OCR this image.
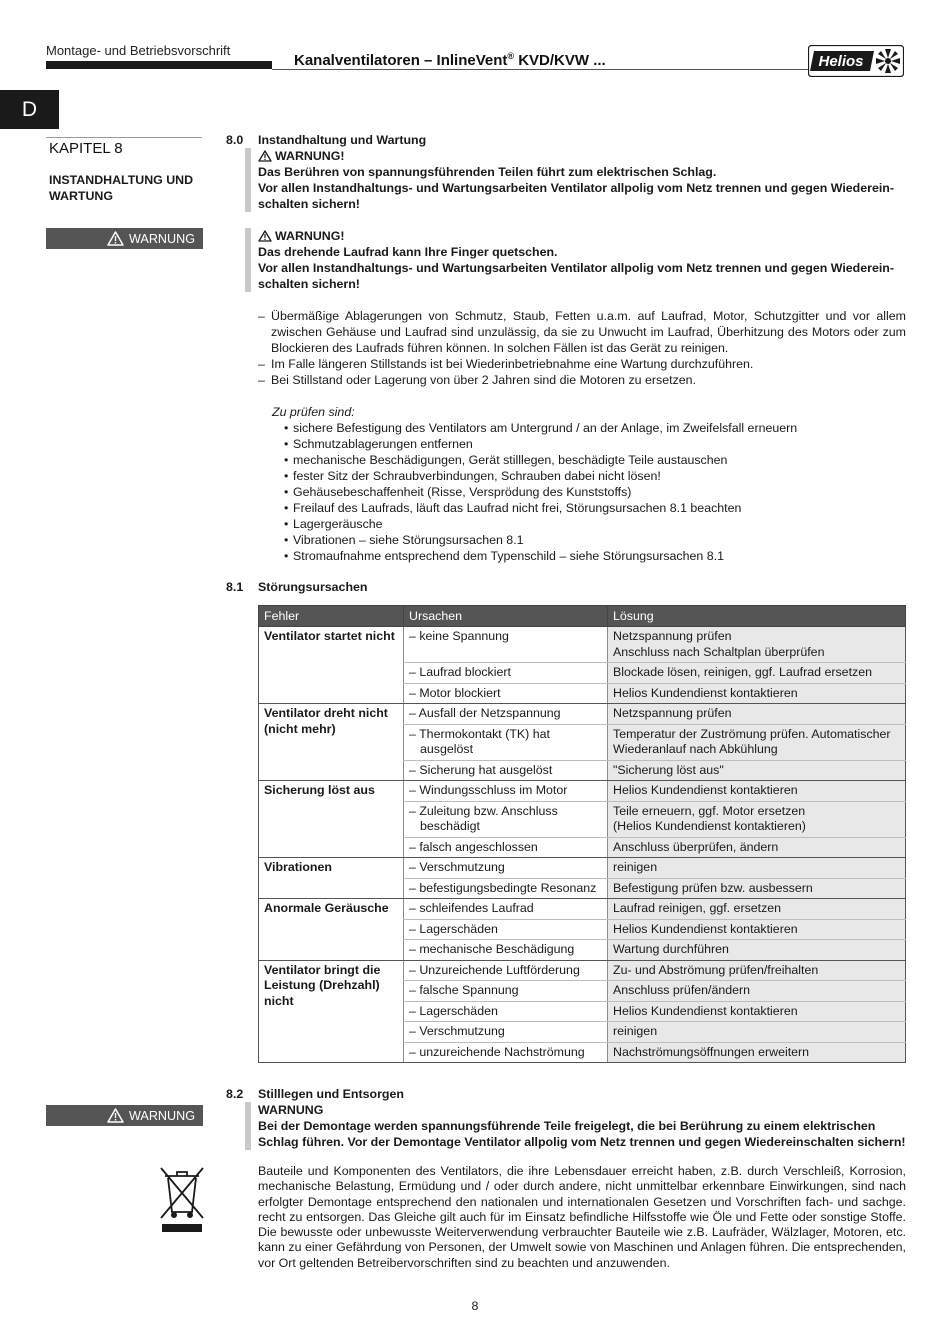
Montage- und Betriebsvorschrift
Kanalventilatoren – InlineVent® KVD/KVW ...	Helios
D
KAPITEL 8
INSTANDHALTUNG UND WARTUNG
WARNUNG
WARNUNG
8.0 Instandhaltung und Wartung
WARNUNG!
Das Berühren von spannungsführenden Teilen führt zum elektrischen Schlag.
Vor allen Instandhaltungs- und Wartungsarbeiten Ventilator allpolig vom Netz trennen und gegen Wiederein-schalten sichern!
WARNUNG!
Das drehende Laufrad kann Ihre Finger quetschen.
Vor allen Instandhaltungs- und Wartungsarbeiten Ventilator allpolig vom Netz trennen und gegen Wiederein-schalten sichern!
– Übermäßige Ablagerungen von Schmutz, Staub, Fetten u.a.m. auf Laufrad, Motor, Schutzgitter und vor allem zwischen Gehäuse und Laufrad sind unzulässig, da sie zu Unwucht im Laufrad, Überhitzung des Motors oder zum Blockieren des Laufrads führen können. In solchen Fällen ist das Gerät zu reinigen.
– Im Falle längeren Stillstands ist bei Wiederinbetriebnahme eine Wartung durchzuführen.
– Bei Stillstand oder Lagerung von über 2 Jahren sind die Motoren zu ersetzen.
Zu prüfen sind:
• sichere Befestigung des Ventilators am Untergrund / an der Anlage, im Zweifelsfall erneuern
• Schmutzablagerungen entfernen
• mechanische Beschädigungen, Gerät stilllegen, beschädigte Teile austauschen
• fester Sitz der Schraubverbindungen, Schrauben dabei nicht lösen!
• Gehäusebeschaffenheit (Risse, Versprödung des Kunststoffs)
• Freilauf des Laufrads, läuft das Laufrad nicht frei, Störungsursachen 8.1 beachten
• Lagergeräusche
• Vibrationen – siehe Störungsursachen 8.1
• Stromaufnahme entsprechend dem Typenschild – siehe Störungsursachen 8.1
8.1 Störungsursachen
Fehler	Ursachen	Lösung
Ventilator startet nicht	– keine Spannung	Netzspannung prüfen
Anschluss nach Schaltplan überprüfen

	– Laufrad blockiert	Blockade lösen, reinigen, ggf. Laufrad ersetzen

	– Motor blockiert	Helios Kundendienst kontaktieren
Ventilator dreht nicht (nicht mehr)	– Ausfall der Netzspannung	Netzspannung prüfen

	– Thermokontakt (TK) hat ausgelöst	Temperatur der Zuströmung prüfen. Automatischer Wiederanlauf nach Abkühlung

	– Sicherung hat ausgelöst	"Sicherung löst aus"
Sicherung löst aus	– Windungsschluss im Motor	Helios Kundendienst kontaktieren

	– Zuleitung bzw. Anschluss beschädigt	Teile erneuern, ggf. Motor ersetzen
(Helios Kundendienst kontaktieren)

	– falsch angeschlossen	Anschluss überprüfen, ändern
Vibrationen	– Verschmutzung	reinigen

	– befestigungsbedingte Resonanz	Befestigung prüfen bzw. ausbessern
Anormale Geräusche	– schleifendes Laufrad	Laufrad reinigen, ggf. ersetzen

	– Lagerschäden	Helios Kundendienst kontaktieren

	– mechanische Beschädigung	Wartung durchführen
Ventilator bringt die Leistung (Drehzahl) nicht	– Unzureichende Luftförderung	Zu- und Abströmung prüfen/freihalten

	– falsche Spannung	Anschluss prüfen/ändern

	– Lagerschäden	Helios Kundendienst kontaktieren

	– Verschmutzung	reinigen

	– unzureichende Nachströmung	Nachströmungsöffnungen erweitern
8.2 Stilllegen und Entsorgen
WARNUNG
Bei der Demontage werden spannungsführende Teile freigelegt, die bei Berührung zu einem elektrischen Schlag führen. Vor der Demontage Ventilator allpolig vom Netz trennen und gegen Wiedereinschalten sichern!
Bauteile und Komponenten des Ventilators, die ihre Lebensdauer erreicht haben, z.B. durch Verschleiß, Korrosion, mechanische Belastung, Ermüdung und / oder durch andere, nicht unmittelbar erkennbare Einwirkungen, sind nach erfolgter Demontage entsprechend den nationalen und internationalen Gesetzen und Vorschriften fach- und sachge. recht zu entsorgen. Das Gleiche gilt auch für im Einsatz befindliche Hilfsstoffe wie Öle und Fette oder sonstige Stoffe. Die bewusste oder unbewusste Weiterverwendung verbrauchter Bauteile wie z.B. Laufräder, Wälzlager, Motoren, etc. kann zu einer Gefährdung von Personen, der Umwelt sowie von Maschinen und Anlagen führen. Die entsprechenden, vor Ort geltenden Betreibervorschriften sind zu beachten und anzuwenden.
8
